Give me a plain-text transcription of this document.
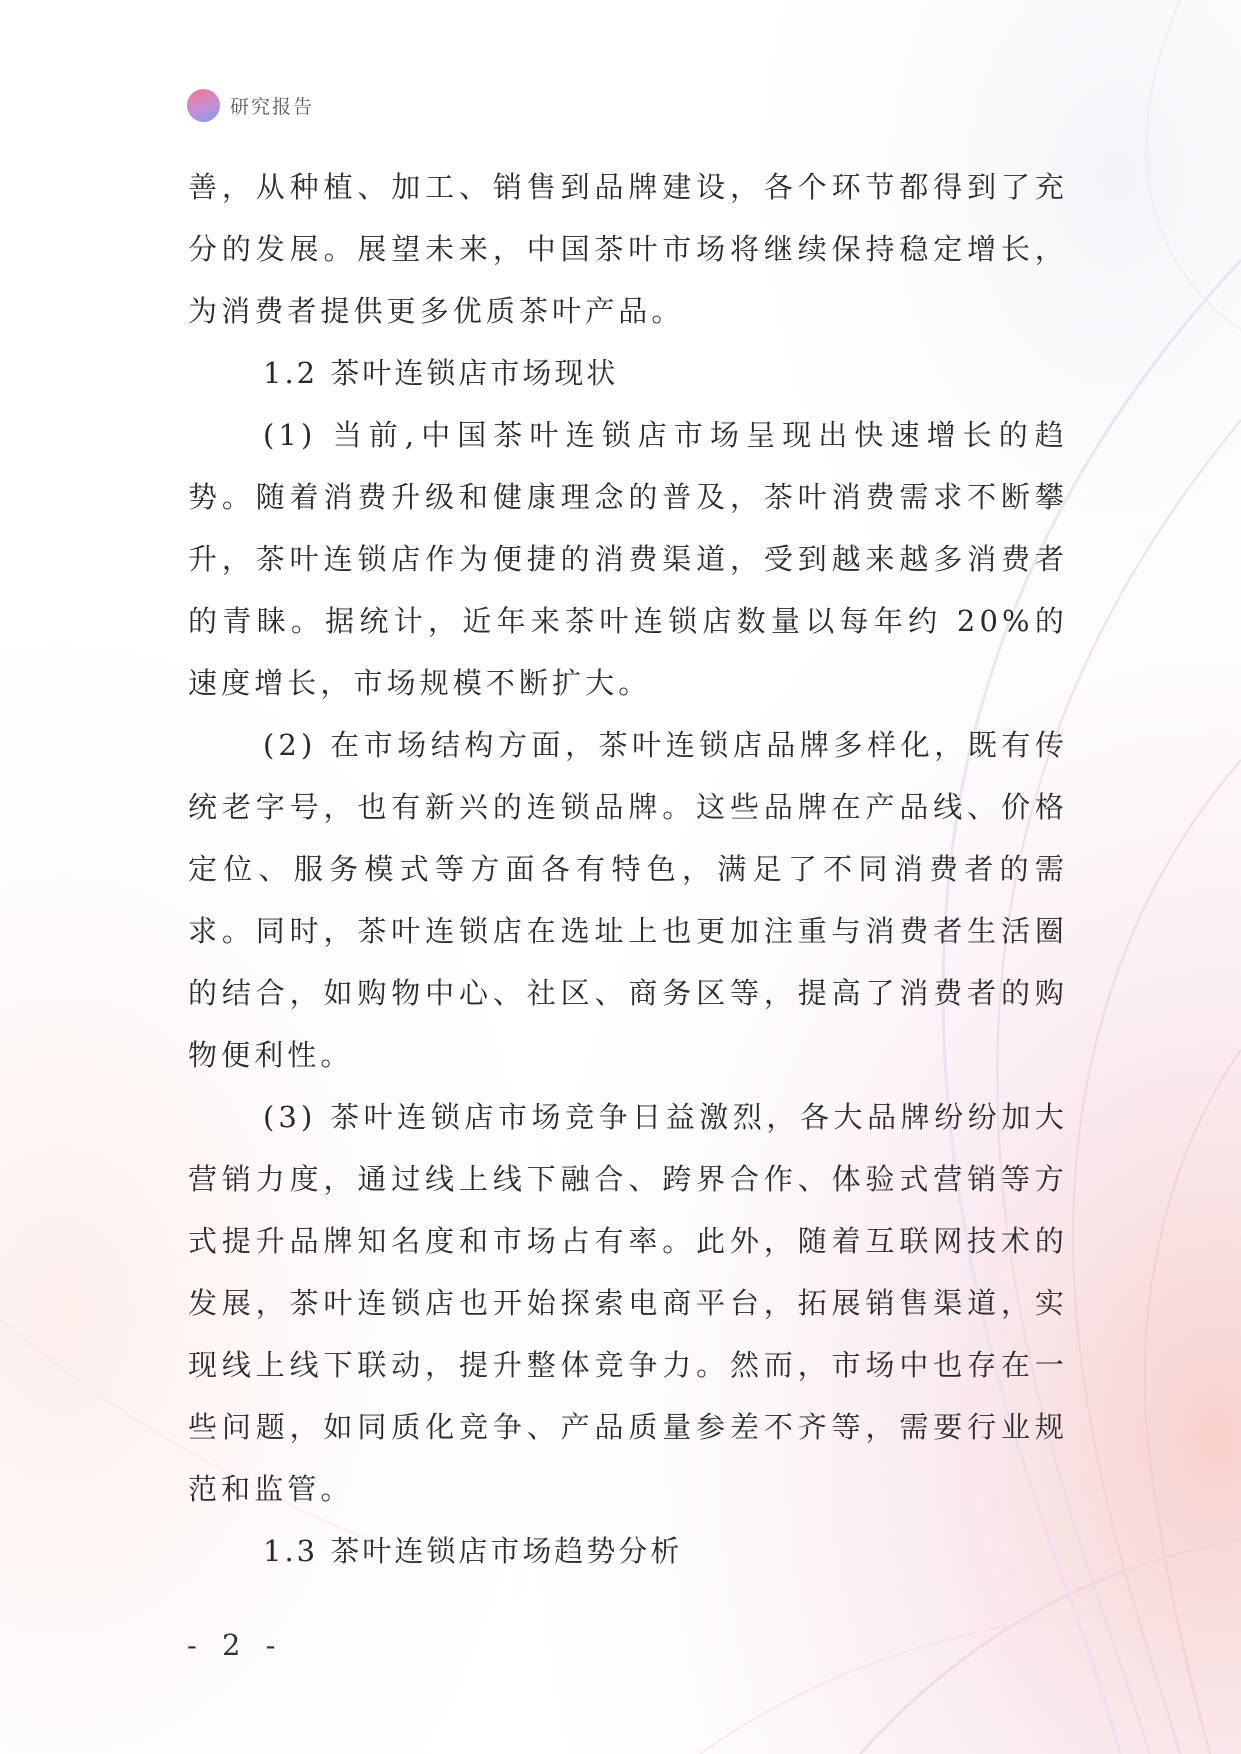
研究报告

善，从种植、加工、销售到品牌建设，各个环节都得到了充分的发展。展望未来，中国茶叶市场将继续保持稳定增长，为消费者提供更多优质茶叶产品。

1.2 茶叶连锁店市场现状

(1) 当前,中国茶叶连锁店市场呈现出快速增长的趋势。随着消费升级和健康理念的普及，茶叶消费需求不断攀升，茶叶连锁店作为便捷的消费渠道，受到越来越多消费者的青睐。据统计，近年来茶叶连锁店数量以每年约 20%的速度增长，市场规模不断扩大。

(2) 在市场结构方面，茶叶连锁店品牌多样化，既有传统老字号，也有新兴的连锁品牌。这些品牌在产品线、价格定位、服务模式等方面各有特色，满足了不同消费者的需求。同时，茶叶连锁店在选址上也更加注重与消费者生活圈的结合，如购物中心、社区、商务区等，提高了消费者的购物便利性。

(3) 茶叶连锁店市场竞争日益激烈，各大品牌纷纷加大营销力度，通过线上线下融合、跨界合作、体验式营销等方式提升品牌知名度和市场占有率。此外，随着互联网技术的发展，茶叶连锁店也开始探索电商平台，拓展销售渠道，实现线上线下联动，提升整体竞争力。然而，市场中也存在一些问题，如同质化竞争、产品质量参差不齐等，需要行业规范和监管。

1.3 茶叶连锁店市场趋势分析
- 2 -
